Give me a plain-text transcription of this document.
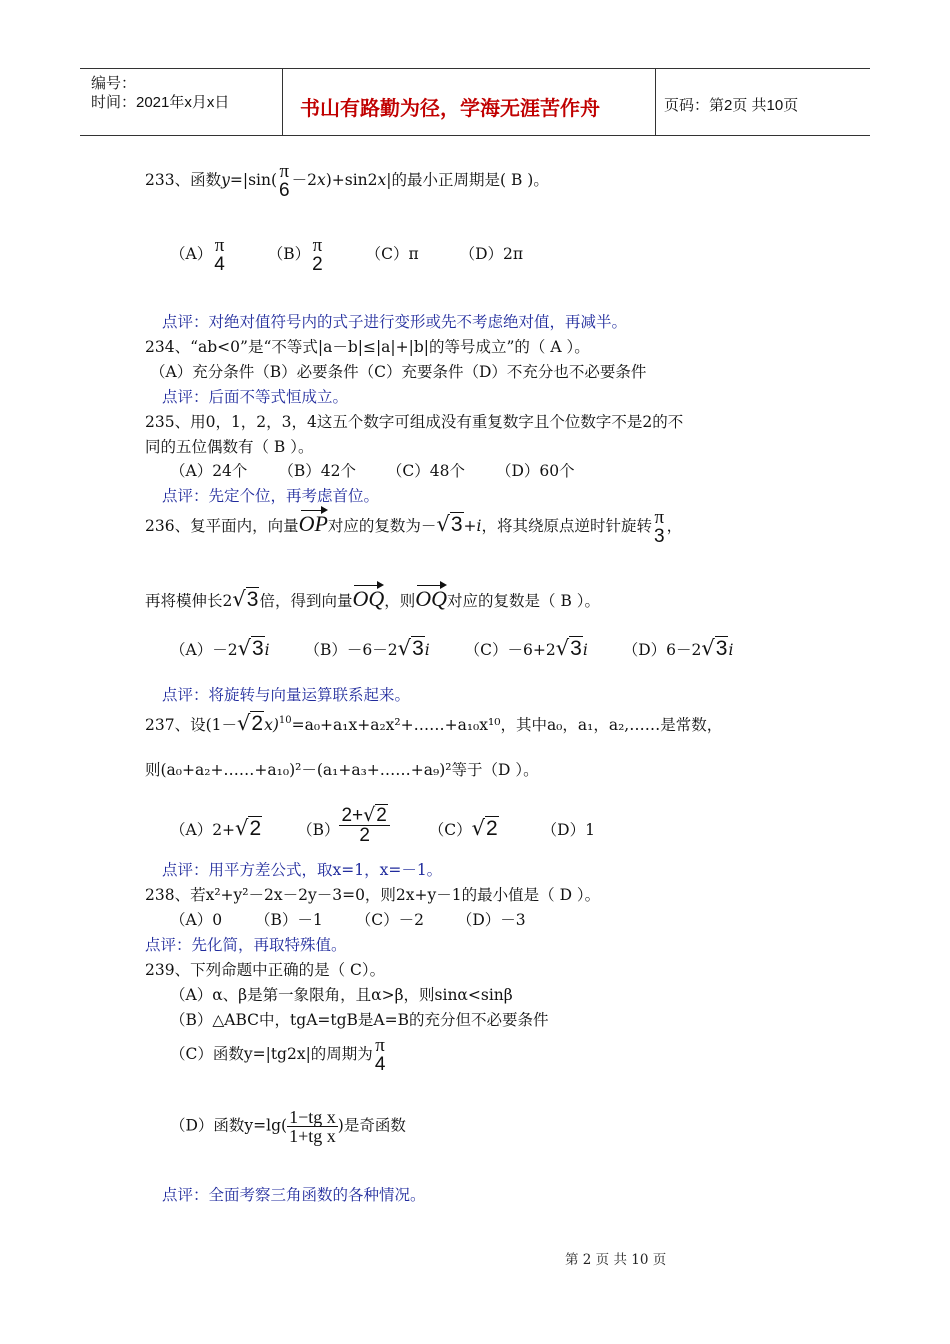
编号：
时间：2021年x月x日	书山有路勤为径，学海无涯苦作舟	页码：第2页 共10页
233、函数y=|sin( π
6 －2x)+sin2x|的最小正周期是( B )。
（A） π
4	（B） π
2	（C）π	（D）2π
点评：对绝对值符号内的式子进行变形或先不考虑绝对值，再减半。
234、“ab<0”是“不等式|a－b|≤|a|+|b|的等号成立”的（ A ）。
（A）充分条件（B）必要条件（C）充要条件（D）不充分也不必要条件
点评：后面不等式恒成立。
235、用0，1，2，3，4这五个数字可组成没有重复数字且个位数字不是2的不
同的五位偶数有（ B ）。
（A）24个 （B）42个 （C）48个 （D）60个
点评：先定个位，再考虑首位。
236、复平面内，向量OP对应的复数为－√3+i，将其绕原点逆时针旋转 π
3 ，
再将模伸长2√3倍，得到向量OQ，则OQ对应的复数是（ B ）。
（A）－2√3i （B）－6－2√3i （C）－6+2√3i （D）6－2√3i
点评：将旋转与向量运算联系起来。
237、设$(1-√2x)^{10}=a_0+a_1x+a_2x^2+\dots\dots+a_{10}x^{10}$，其中a₀，a₁，a₂,……是常数，
则(a₀+a₂+……+a₁₀)²－(a₁+a₃+……+a₉)²等于（D ）。
（A）2+√2 $(B) \frac{2+√2}{2}$	（C）√2	（D）1
点评：用平方差公式，取x=1，x=－1。
238、若x²+y²－2x－2y－3=0，则2x+y－1的最小值是（ D ）。
（A）0 （B）－1 （C）－2 （D）－3
点评：先化简，再取特殊值。
239、下列命题中正确的是（ C）。
（A）α、β是第一象限角，且α>β，则sinα<sinβ
（B）△ABC中，tgA=tgB是A=B的充分但不必要条件
（C）函数y=|tg2x|的周期为 π
4
（D）函数$y=\lg( \frac{\text{1−tg x}}{\text{1+tg x}}$ )是奇函数
点评：全面考察三角函数的各种情况。
第 2 页 共 10 页
